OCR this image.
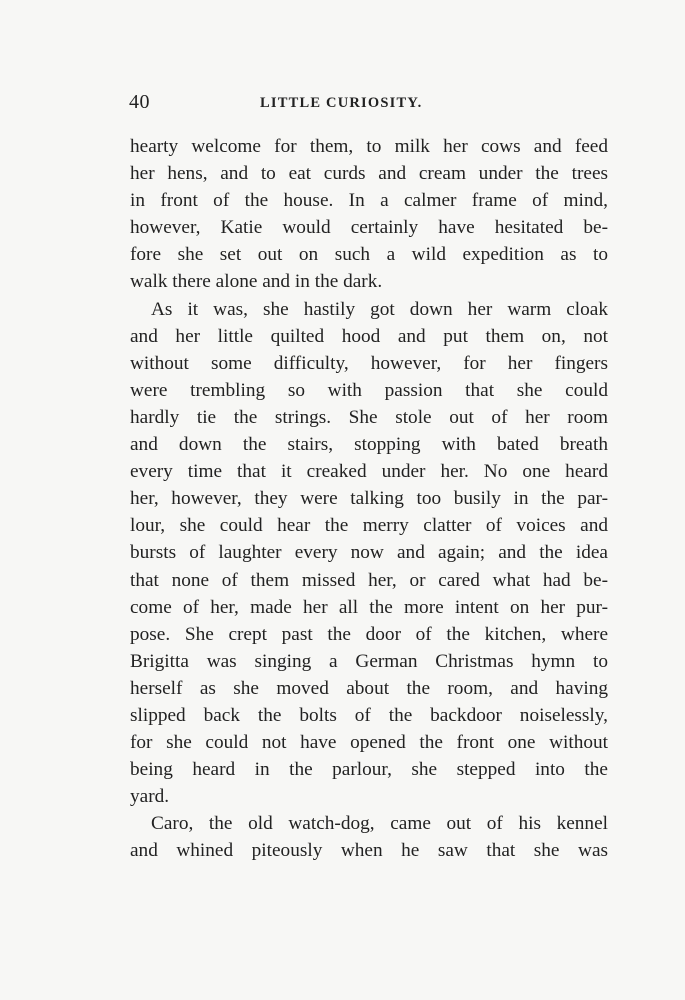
40	LITTLE CURIOSITY.
hearty welcome for them, to milk her cows and feed
her hens, and to eat curds and cream under the trees
in front of the house. In a calmer frame of mind,
however, Katie would certainly have hesitated be-
fore she set out on such a wild expedition as to
walk there alone and in the dark.
As it was, she hastily got down her warm cloak
and her little quilted hood and put them on, not
without some difficulty, however, for her fingers
were trembling so with passion that she could
hardly tie the strings. She stole out of her room
and down the stairs, stopping with bated breath
every time that it creaked under her. No one heard
her, however, they were talking too busily in the par-
lour, she could hear the merry clatter of voices and
bursts of laughter every now and again; and the idea
that none of them missed her, or cared what had be-
come of her, made her all the more intent on her pur-
pose. She crept past the door of the kitchen, where
Brigitta was singing a German Christmas hymn to
herself as she moved about the room, and having
slipped back the bolts of the backdoor noiselessly,
for she could not have opened the front one without
being heard in the parlour, she stepped into the
yard.
Caro, the old watch-dog, came out of his kennel
and whined piteously when he saw that she was
